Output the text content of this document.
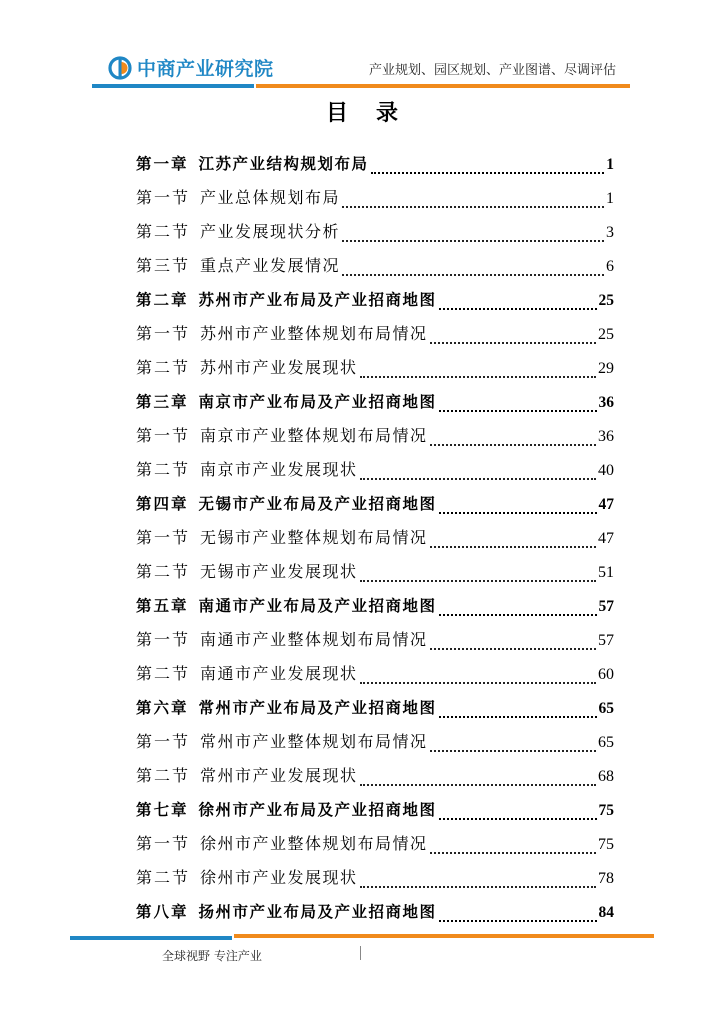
中商产业研究院	产业规划、园区规划、产业图谱、尽调评估
目录
第一章 江苏产业结构规划布局	1
第一节 产业总体规划布局	1
第二节 产业发展现状分析	3
第三节 重点产业发展情况	6
第二章 苏州市产业布局及产业招商地图	25
第一节 苏州市产业整体规划布局情况	25
第二节 苏州市产业发展现状	29
第三章 南京市产业布局及产业招商地图	36
第一节 南京市产业整体规划布局情况	36
第二节 南京市产业发展现状	40
第四章 无锡市产业布局及产业招商地图	47
第一节 无锡市产业整体规划布局情况	47
第二节 无锡市产业发展现状	51
第五章 南通市产业布局及产业招商地图	57
第一节 南通市产业整体规划布局情况	57
第二节 南通市产业发展现状	60
第六章 常州市产业布局及产业招商地图	65
第一节 常州市产业整体规划布局情况	65
第二节 常州市产业发展现状	68
第七章 徐州市产业布局及产业招商地图	75
第一节 徐州市产业整体规划布局情况	75
第二节 徐州市产业发展现状	78
第八章 扬州市产业布局及产业招商地图	84
全球视野 专注产业
